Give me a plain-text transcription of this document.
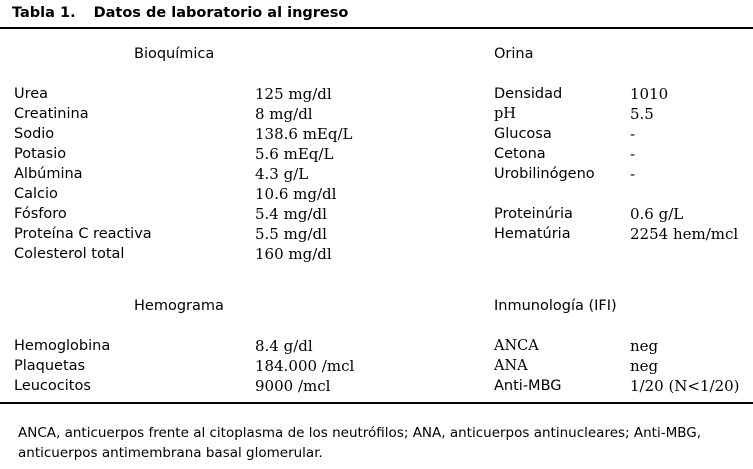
Tabla 1. Datos de laboratorio al ingreso
Bioquímica
Urea	125 mg/dl
Creatinina	8 mg/dl
Sodio	138.6 mEq/L
Potasio	5.6 mEq/L
Albúmina	4.3 g/L
Calcio	10.6 mg/dl
Fósforo	5.4 mg/dl
Proteína C reactiva	5.5 mg/dl
Colesterol total	160 mg/dl
Orina
Densidad	1010
pH	5.5
Glucosa	-
Cetona	-
Urobilinógeno -
Proteinúria	0.6 g/L
Hematúria	2254 hem/mcl
Hemograma
Hemoglobina	8.4 g/dl
Plaquetas	184.000 /mcl
Leucocitos	9000 /mcl
Inmunología (IFI)
ANCA	neg
ANA	neg
Anti-MBG	1/20 (N<1/20)
ANCA, anticuerpos frente al citoplasma de los neutrófilos; ANA, anticuerpos antinucleares; Anti-MBG, anticuerpos antimembrana basal glomerular.
